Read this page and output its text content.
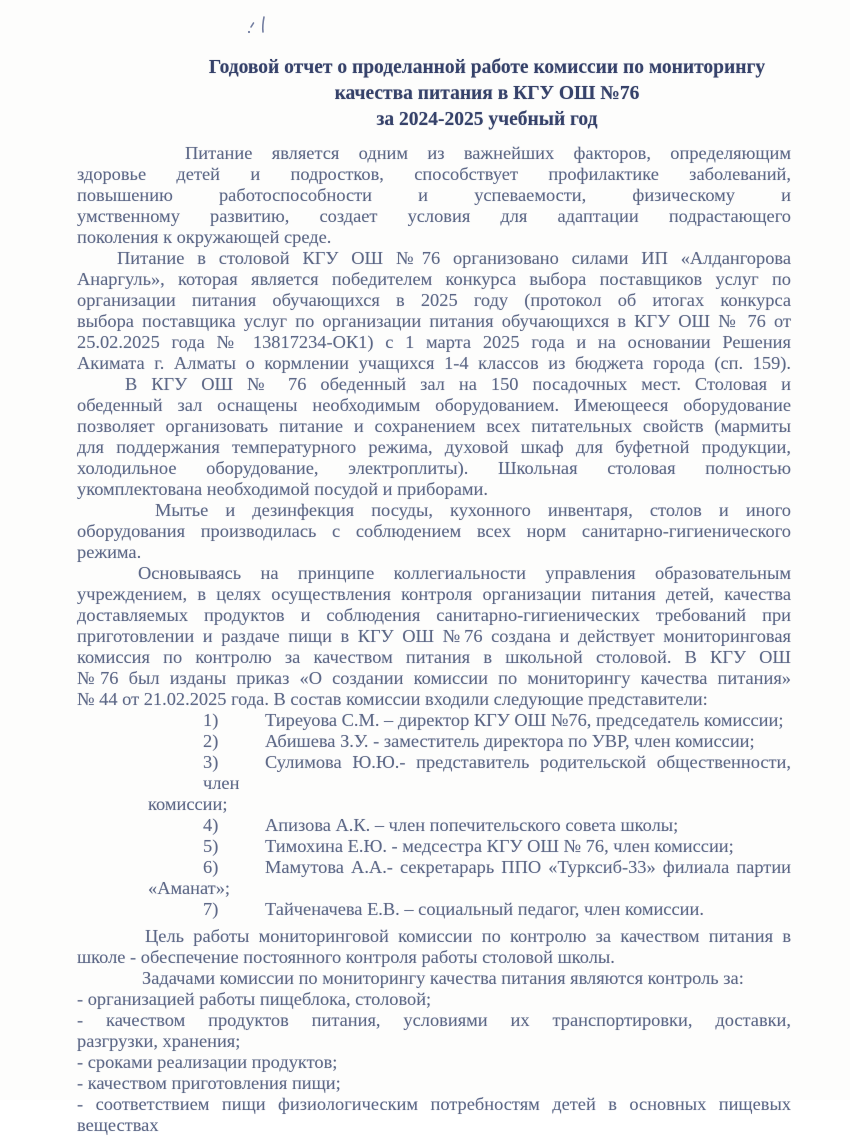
Годовой отчет о проделанной работе комиссии по мониторингу
качества питания в КГУ ОШ №76
за 2024-2025 учебный год
Питание является одним из важнейших факторов, определяющим
здоровье детей и подростков, способствует профилактике заболеваний,
повышению работоспособности и успеваемости, физическому и
умственному развитию, создает условия для адаптации подрастающего
поколения к окружающей среде.
Питание в столовой КГУ ОШ №76 организовано силами ИП «Алдангорова
Анаргуль», которая является победителем конкурса выбора поставщиков услуг по
организации питания обучающихся в 2025 году (протокол об итогах конкурса
выбора поставщика услуг по организации питания обучающихся в КГУ ОШ № 76 от
25.02.2025 года № 13817234-ОК1) с 1 марта 2025 года и на основании Решения
Акимата г. Алматы о кормлении учащихся 1-4 классов из бюджета города (сп. 159).
В КГУ ОШ № 76 обеденный зал на 150 посадочных мест. Столовая и
обеденный зал оснащены необходимым оборудованием. Имеющееся оборудование
позволяет организовать питание и сохранением всех питательных свойств (мармиты
для поддержания температурного режима, духовой шкаф для буфетной продукции,
холодильное оборудование, электроплиты). Школьная столовая полностью
укомплектована необходимой посудой и приборами.
Мытье и дезинфекция посуды, кухонного инвентаря, столов и иного
оборудования производилась с соблюдением всех норм санитарно-гигиенического
режима.
Основываясь на принципе коллегиальности управления образовательным
учреждением, в целях осуществления контроля организации питания детей, качества
доставляемых продуктов и соблюдения санитарно-гигиенических требований при
приготовлении и раздаче пищи в КГУ ОШ №76 создана и действует мониторинговая
комиссия по контролю за качеством питания в школьной столовой. В КГУ ОШ
№76 был изданы приказ «О создании комиссии по мониторингу качества питания»
№ 44 от 21.02.2025 года. В состав комиссии входили следующие представители:
1)	Тиреуова С.М. – директор КГУ ОШ №76, председатель комиссии;
2)	Абишева З.У. - заместитель директора по УВР, член комиссии;
3)	Сулимова Ю.Ю.- представитель родительской общественности, член
комиссии;
4)	Апизова А.К. – член попечительского совета школы;
5)	Тимохина Е.Ю. - медсестра КГУ ОШ № 76, член комиссии;
6)	Мамутова А.А.- секретарарь ППО «Турксиб-33» филиала партии
«Аманат»;
7)	Тайченачева Е.В. – социальный педагог, член комиссии.
Цель работы мониторинговой комиссии по контролю за качеством питания в
школе - обеспечение постоянного контроля работы столовой школы.
Задачами комиссии по мониторингу качества питания являются контроль за:
- организацией работы пищеблока, столовой;
- качеством продуктов питания, условиями их транспортировки, доставки,
разгрузки, хранения;
- сроками реализации продуктов;
- качеством приготовления пищи;
- соответствием пищи физиологическим потребностям детей в основных пищевых
веществах
